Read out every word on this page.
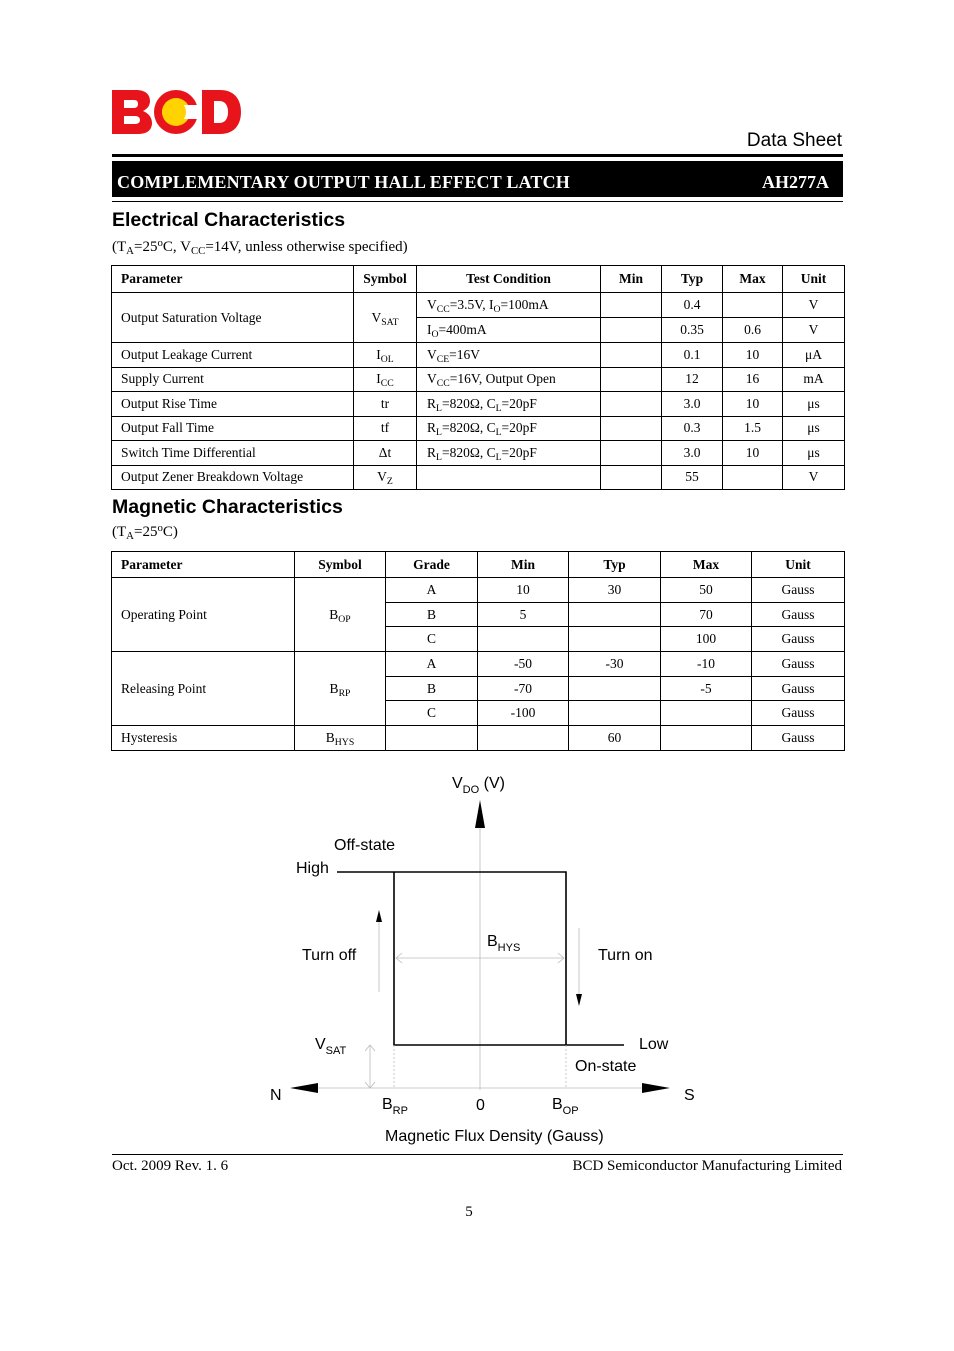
Data Sheet
COMPLEMENTARY OUTPUT HALL EFFECT LATCH	AH277A
Electrical Characteristics
($T_A=25^oC$, $V_{CC}=14V$, unless otherwise specified)
Parameter	Symbol	Test Condition	Min	Typ	Max	Unit
Output Saturation Voltage	$V_{SAT}$	$V_{CC}=3.5V$, $I_O=100mA$		0.4		V
		$I_O=400mA$		0.35	0.6	V
Output Leakage Current	$I_{OL}$	$V_{CE}=16V$		0.1	10	μA
Supply Current	$I_{CC}$	$V_{CC}=16V$, Output Open		12	16	mA
Output Rise Time	tr	$R_L=820\Omega$, $C_L=20pF$		3.0	10	μs
Output Fall Time	tf	$R_L=820\Omega$, $C_L=20pF$		0.3	1.5	μs
Switch Time Differential	Δt	$R_L=820\Omega$, $C_L=20pF$		3.0	10	μs
Output Zener Breakdown Voltage	$V_Z$			55		V
Magnetic Characteristics
$(T_A=25^oC)$
Parameter	Symbol	Grade	Min	Typ	Max	Unit
Operating Point	$B_{OP}$	A	10	30	50	Gauss
		B	5		70	Gauss
		C			100	Gauss
Releasing Point	$B_{RP}$	A	-50	-30	-10	Gauss
		B	-70		-5	Gauss
		C	-100			Gauss
Hysteresis	$B_{HYS}$			60		Gauss
$V_{DO}$ (V)
Off-state
High
Turn off
$B_{HYS}$	Turn on
$V_{SAT}$	Low
On-state
N	S
$B_{RP}$	0	$B_{OP}$
Magnetic Flux Density (Gauss)
Oct. 2009 Rev. 1. 6	BCD Semiconductor Manufacturing Limited
5
